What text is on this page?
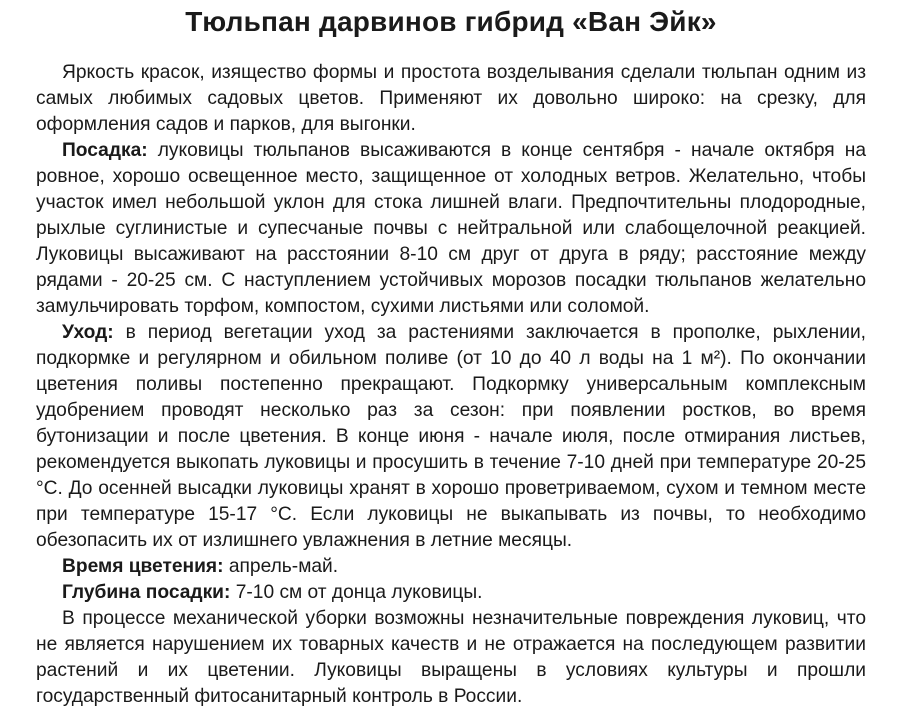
Тюльпан дарвинов гибрид «Ван Эйк»

Яркость красок, изящество формы и простота возделывания сделали тюльпан одним из самых любимых садовых цветов. Применяют их довольно широко: на срезку, для оформления садов и парков, для выгонки.

Посадка: луковицы тюльпанов высаживаются в конце сентября - начале октября на ровное, хорошо освещенное место, защищенное от холодных ветров. Желательно, чтобы участок имел небольшой уклон для стока лишней влаги. Предпочтительны плодородные, рыхлые суглинистые и супесчаные почвы с нейтральной или слабощелочной реакцией. Луковицы высаживают на расстоянии 8-10 см друг от друга в ряду; расстояние между рядами - 20-25 см. С наступлением устойчивых морозов посадки тюльпанов желательно замульчировать торфом, компостом, сухими листьями или соломой.

Уход: в период вегетации уход за растениями заключается в прополке, рыхлении, подкормке и регулярном и обильном поливе (от 10 до 40 л воды на 1 м²). По окончании цветения поливы постепенно прекращают. Подкормку универсальным комплексным удобрением проводят несколько раз за сезон: при появлении ростков, во время бутонизации и после цветения. В конце июня - начале июля, после отмирания листьев, рекомендуется выкопать луковицы и просушить в течение 7-10 дней при температуре 20-25 °С. До осенней высадки луковицы хранят в хорошо проветриваемом, сухом и темном месте при температуре 15-17 °С. Если луковицы не выкапывать из почвы, то необходимо обезопасить их от излишнего увлажнения в летние месяцы.

Время цветения: апрель-май.

Глубина посадки: 7-10 см от донца луковицы.

В процессе механической уборки возможны незначительные повреждения луковиц, что не является нарушением их товарных качеств и не отражается на последующем развитии растений и их цветении. Луковицы выращены в условиях культуры и прошли государственный фитосанитарный контроль в России.
